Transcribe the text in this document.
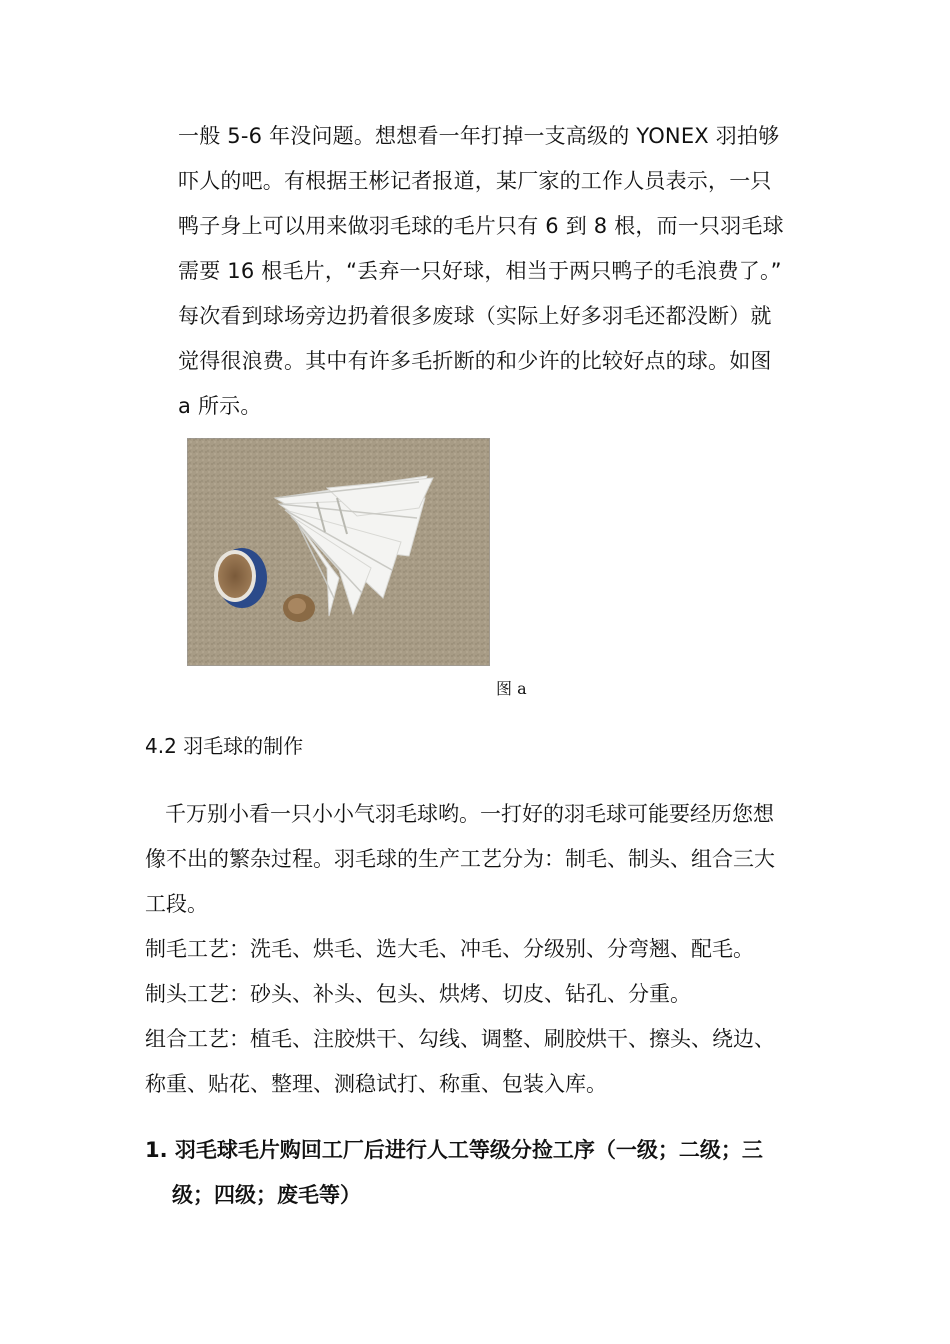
一般 5-6 年没问题。想想看一年打掉一支高级的 YONEX 羽拍够

吓人的吧。有根据王彬记者报道，某厂家的工作人员表示，一只

鸭子身上可以用来做羽毛球的毛片只有 6 到 8 根，而一只羽毛球

需要 16 根毛片，“丢弃一只好球，相当于两只鸭子的毛浪费了。”

每次看到球场旁边扔着很多废球（实际上好多羽毛还都没断）就

觉得很浪费。其中有许多毛折断的和少许的比较好点的球。如图

a 所示。

图 a
4.2 羽毛球的制作

千万别小看一只小小气羽毛球哟。一打好的羽毛球可能要经历您想

像不出的繁杂过程。羽毛球的生产工艺分为：制毛、制头、组合三大

工段。

制毛工艺：洗毛、烘毛、选大毛、冲毛、分级别、分弯翘、配毛。

制头工艺：砂头、补头、包头、烘烤、切皮、钻孔、分重。

组合工艺：植毛、注胶烘干、勾线、调整、刷胶烘干、擦头、绕边、

称重、贴花、整理、测稳试打、称重、包装入库。

1. 羽毛球毛片购回工厂后进行人工等级分捡工序（一级；二级；三

级；四级；废毛等）
